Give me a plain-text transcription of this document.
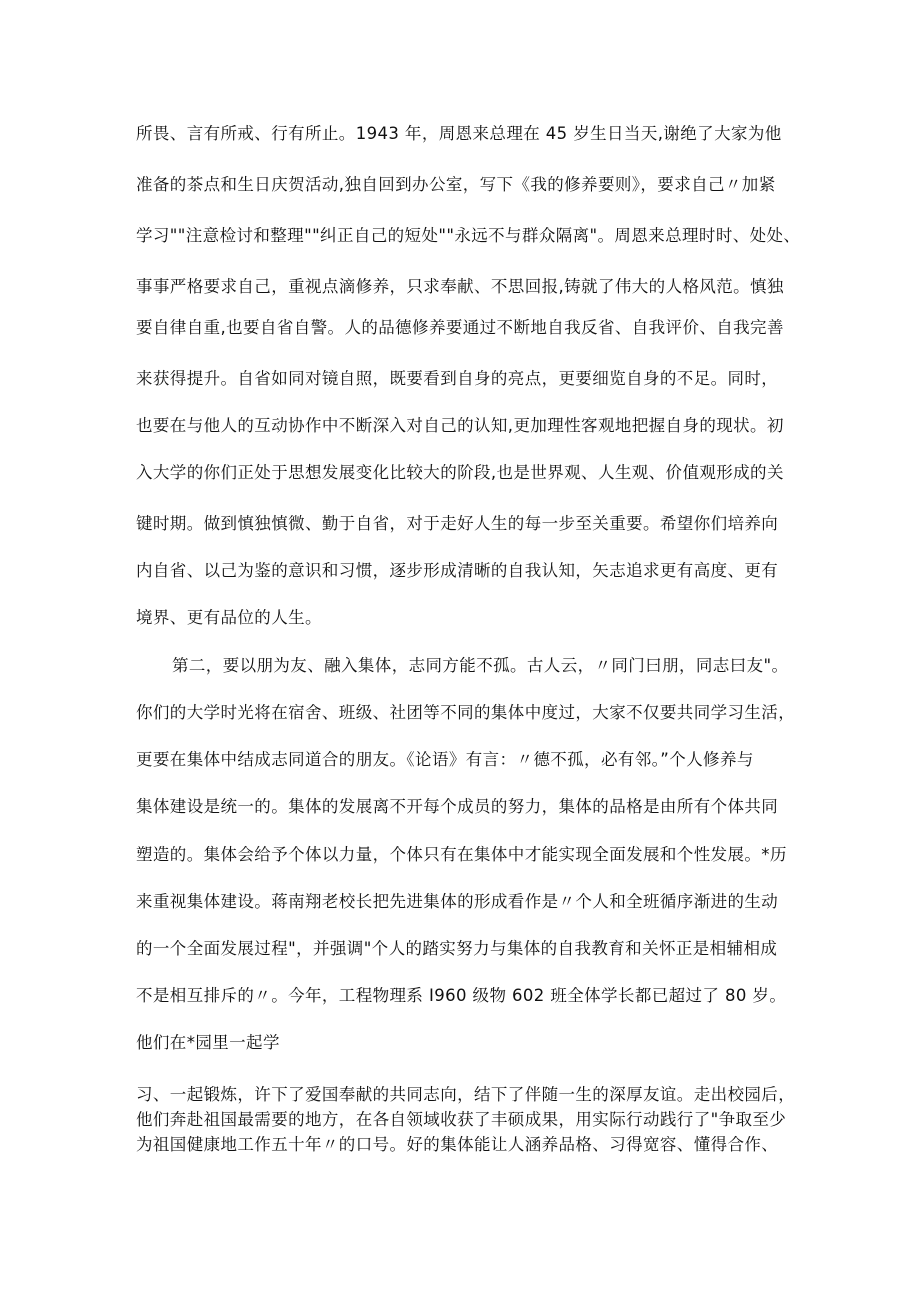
所畏、言有所戒、行有所止。1943 年，周恩来总理在 45 岁生日当天,谢绝了大家为他
准备的茶点和生日庆贺活动,独自回到办公室，写下《我的修养要则》，要求自己〃加紧
学习""注意检讨和整理""纠正自己的短处""永远不与群众隔离"。周恩来总理时时、处处、
事事严格要求自己，重视点滴修养，只求奉献、不思回报,铸就了伟大的人格风范。慎独
要自律自重,也要自省自警。人的品德修养要通过不断地自我反省、自我评价、自我完善
来获得提升。自省如同对镜自照，既要看到自身的亮点，更要细览自身的不足。同时，
也要在与他人的互动协作中不断深入对自己的认知,更加理性客观地把握自身的现状。初
入大学的你们正处于思想发展变化比较大的阶段,也是世界观、人生观、价值观形成的关
键时期。做到慎独慎微、勤于自省，对于走好人生的每一步至关重要。希望你们培养向
内自省、以己为鉴的意识和习惯，逐步形成清晰的自我认知，矢志追求更有高度、更有
境界、更有品位的人生。
第二，要以朋为友、融入集体，志同方能不孤。古人云，〃同门曰朋，同志曰友"。
你们的大学时光将在宿舍、班级、社团等不同的集体中度过，大家不仅要共同学习生活，
更要在集体中结成志同道合的朋友。《论语》有言：〃德不孤，必有邻。”个人修养与
集体建设是统一的。集体的发展离不开每个成员的努力，集体的品格是由所有个体共同
塑造的。集体会给予个体以力量，个体只有在集体中才能实现全面发展和个性发展。*历
来重视集体建设。蒋南翔老校长把先进集体的形成看作是〃个人和全班循序渐进的生动
的一个全面发展过程"，并强调"个人的踏实努力与集体的自我教育和关怀正是相辅相成
不是相互排斥的〃。今年，工程物理系 I960 级物 602 班全体学长都已超过了 80 岁。
他们在*园里一起学
习、一起锻炼，许下了爱国奉献的共同志向，结下了伴随一生的深厚友谊。走出校园后，
他们奔赴祖国最需要的地方，在各自领域收获了丰硕成果，用实际行动践行了"争取至少
为祖国健康地工作五十年〃的口号。好的集体能让人涵养品格、习得宽容、懂得合作、
